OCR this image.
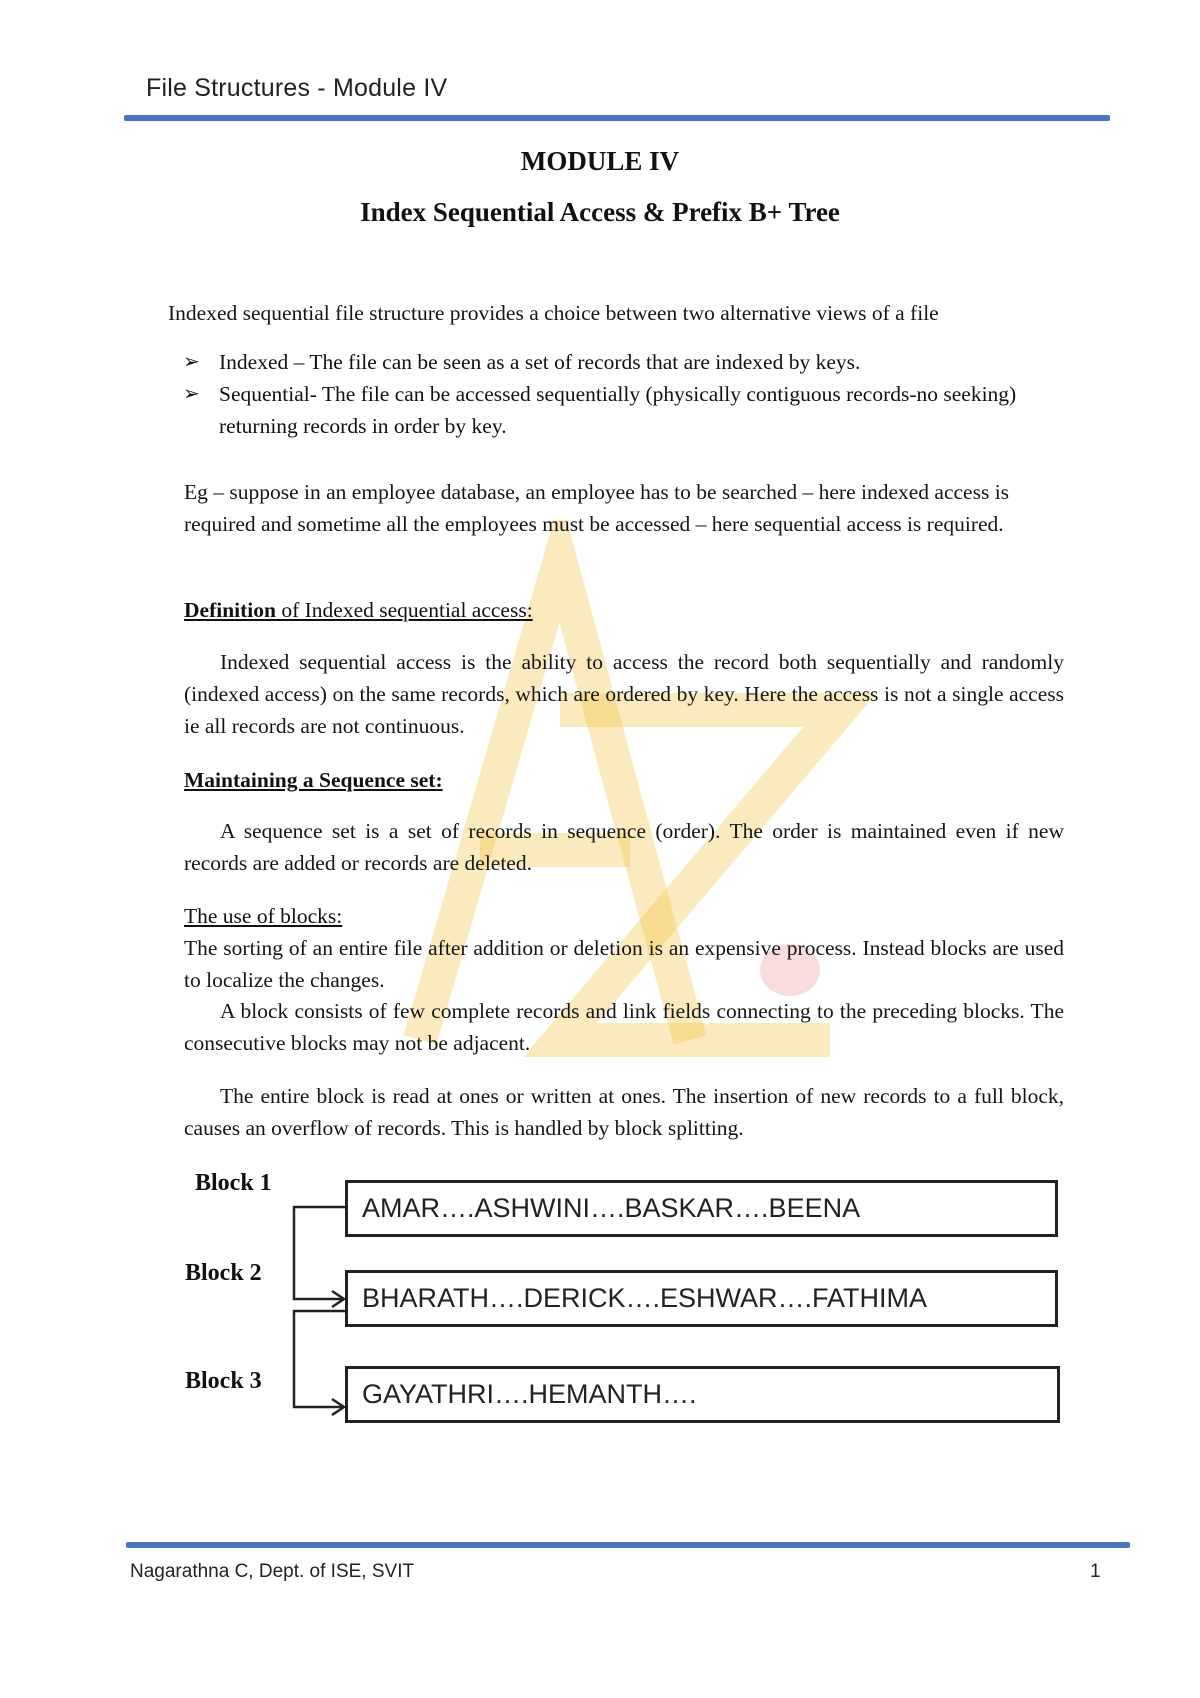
File Structures - Module IV
MODULE IV
Index Sequential Access & Prefix B+ Tree
Indexed sequential file structure provides a choice between two alternative views of a file
➢ Indexed – The file can be seen as a set of records that are indexed by keys.
➢ Sequential- The file can be accessed sequentially (physically contiguous records-no seeking) returning records in order by key.
Eg – suppose in an employee database, an employee has to be searched – here indexed access is required and sometime all the employees must be accessed – here sequential access is required.
Definition of Indexed sequential access:
Indexed sequential access is the ability to access the record both sequentially and randomly (indexed access) on the same records, which are ordered by key. Here the access is not a single access ie all records are not continuous.
Maintaining a Sequence set:
A sequence set is a set of records in sequence (order). The order is maintained even if new records are added or records are deleted.
The use of blocks:
The sorting of an entire file after addition or deletion is an expensive process. Instead blocks are used to localize the changes.
A block consists of few complete records and link fields connecting to the preceding blocks. The consecutive blocks may not be adjacent.
The entire block is read at ones or written at ones. The insertion of new records to a full block, causes an overflow of records. This is handled by block splitting.
Block 1
Block 2
Block 3
AMAR….ASHWINI….BASKAR….BEENA
BHARATH….DERICK….ESHWAR….FATHIMA
GAYATHRI….HEMANTH….
Nagarathna C, Dept. of ISE, SVIT	1
